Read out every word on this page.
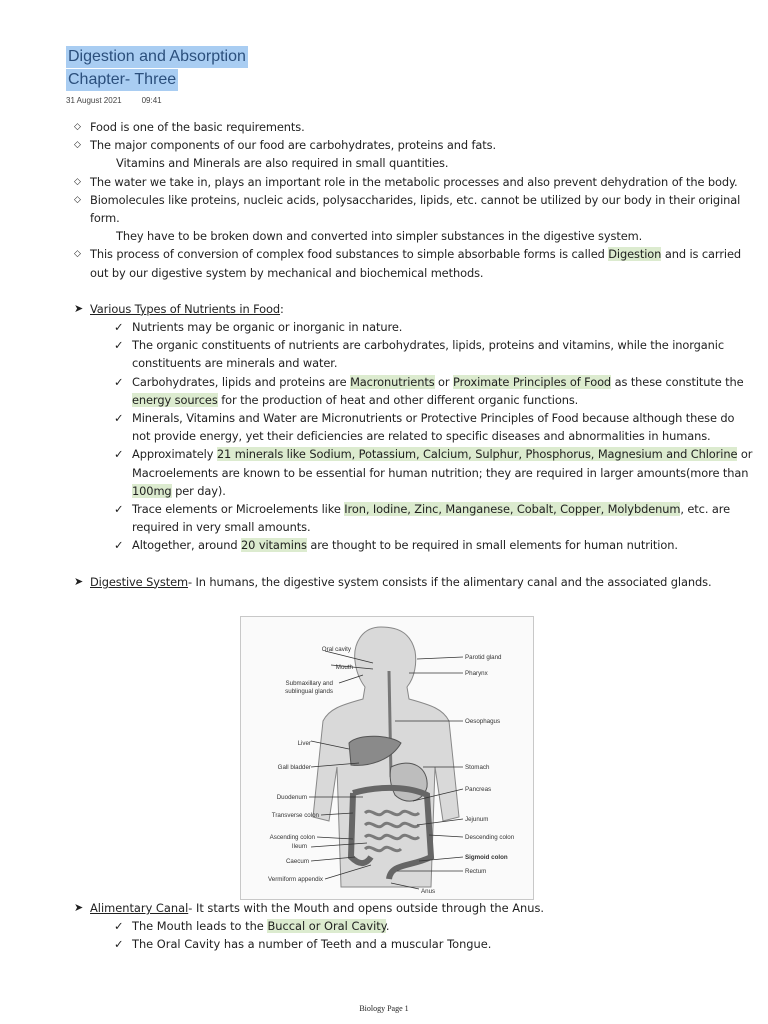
Digestion and Absorption
Chapter- Three
31 August 2021	09:41
◇ Food is one of the basic requirements.
◇ The major components of our food are carbohydrates, proteins and fats.
Vitamins and Minerals are also required in small quantities.
◇ The water we take in, plays an important role in the metabolic processes and also prevent dehydration of the body.
◇ Biomolecules like proteins, nucleic acids, polysaccharides, lipids, etc. cannot be utilized by our body in their original form.
They have to be broken down and converted into simpler substances in the digestive system.
◇ This process of conversion of complex food substances to simple absorbable forms is called Digestion and is carried out by our digestive system by mechanical and biochemical methods.
➤ Various Types of Nutrients in Food:
✓ Nutrients may be organic or inorganic in nature.
✓ The organic constituents of nutrients are carbohydrates, lipids, proteins and vitamins, while the inorganic constituents are minerals and water.
✓ Carbohydrates, lipids and proteins are Macronutrients or Proximate Principles of Food as these constitute the energy sources for the production of heat and other different organic functions.
✓ Minerals, Vitamins and Water are Micronutrients or Protective Principles of Food because although these do not provide energy, yet their deficiencies are related to specific diseases and abnormalities in humans.
✓ Approximately 21 minerals like Sodium, Potassium, Calcium, Sulphur, Phosphorus, Magnesium and Chlorine or Macroelements are known to be essential for human nutrition; they are required in larger amounts(more than 100mg per day).
✓ Trace elements or Microelements like Iron, Iodine, Zinc, Manganese, Cobalt, Copper, Molybdenum, etc. are required in very small amounts.
✓ Altogether, around 20 vitamins are thought to be required in small elements for human nutrition.
➤ Digestive System- In humans, the digestive system consists if the alimentary canal and the associated glands.
Oral cavity
Mouth
Submaxillary and
sublingual glands
Liver
Gall bladder
Duodenum
Transverse colon
Ascending colon
Ileum
Caecum
Vermiform appendix
Parotid gland
Pharynx
Oesophagus
Stomach
Pancreas
Jejunum
Descending colon
Sigmoid colon
Rectum
Anus
➤ Alimentary Canal- It starts with the Mouth and opens outside through the Anus.
✓ The Mouth leads to the Buccal or Oral Cavity.
✓ The Oral Cavity has a number of Teeth and a muscular Tongue.
Biology Page 1
